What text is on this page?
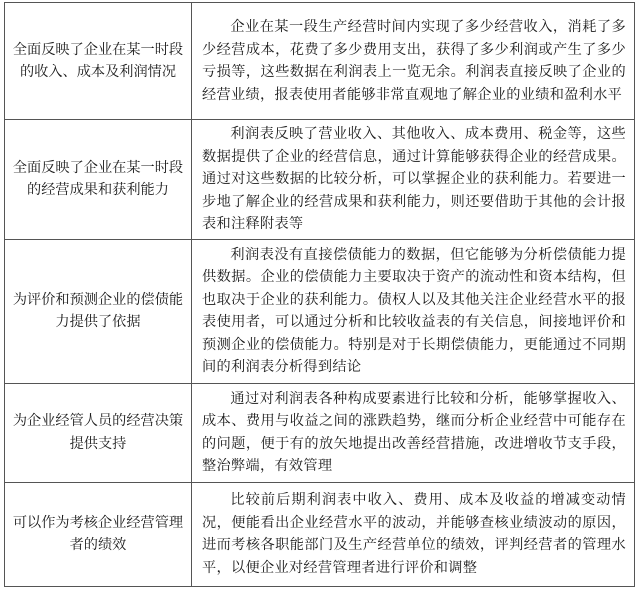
全面反映了企业在某一时段的收入、成本及利润情况	企业在某一段生产经营时间内实现了多少经营收入，消耗了多少经营成本，花费了多少费用支出，获得了多少利润或产生了多少亏损等，这些数据在利润表上一览无余。利润表直接反映了企业的经营业绩，报表使用者能够非常直观地了解企业的业绩和盈利水平

全面反映了企业在某一时段的经营成果和获利能力	利润表反映了营业收入、其他收入、成本费用、税金等，这些数据提供了企业的经营信息，通过计算能够获得企业的经营成果。通过对这些数据的比较分析，可以掌握企业的获利能力。若要进一步地了解企业的经营成果和获利能力，则还要借助于其他的会计报表和注释附表等

为评价和预测企业的偿债能力提供了依据	利润表没有直接偿债能力的数据，但它能够为分析偿债能力提供数据。企业的偿债能力主要取决于资产的流动性和资本结构，但也取决于企业的获利能力。债权人以及其他关注企业经营水平的报表使用者，可以通过分析和比较收益表的有关信息，间接地评价和预测企业的偿债能力。特别是对于长期偿债能力，更能通过不同期间的利润表分析得到结论

为企业经管人员的经营决策提供支持	通过对利润表各种构成要素进行比较和分析，能够掌握收入、成本、费用与收益之间的涨跌趋势，继而分析企业经营中可能存在的问题，便于有的放矢地提出改善经营措施，改进增收节支手段，整治弊端，有效管理

可以作为考核企业经营管理者的绩效	比较前后期利润表中收入、费用、成本及收益的增减变动情况，便能看出企业经营水平的波动，并能够查核业绩波动的原因，进而考核各职能部门及生产经营单位的绩效，评判经营者的管理水平，以便企业对经营管理者进行评价和调整
